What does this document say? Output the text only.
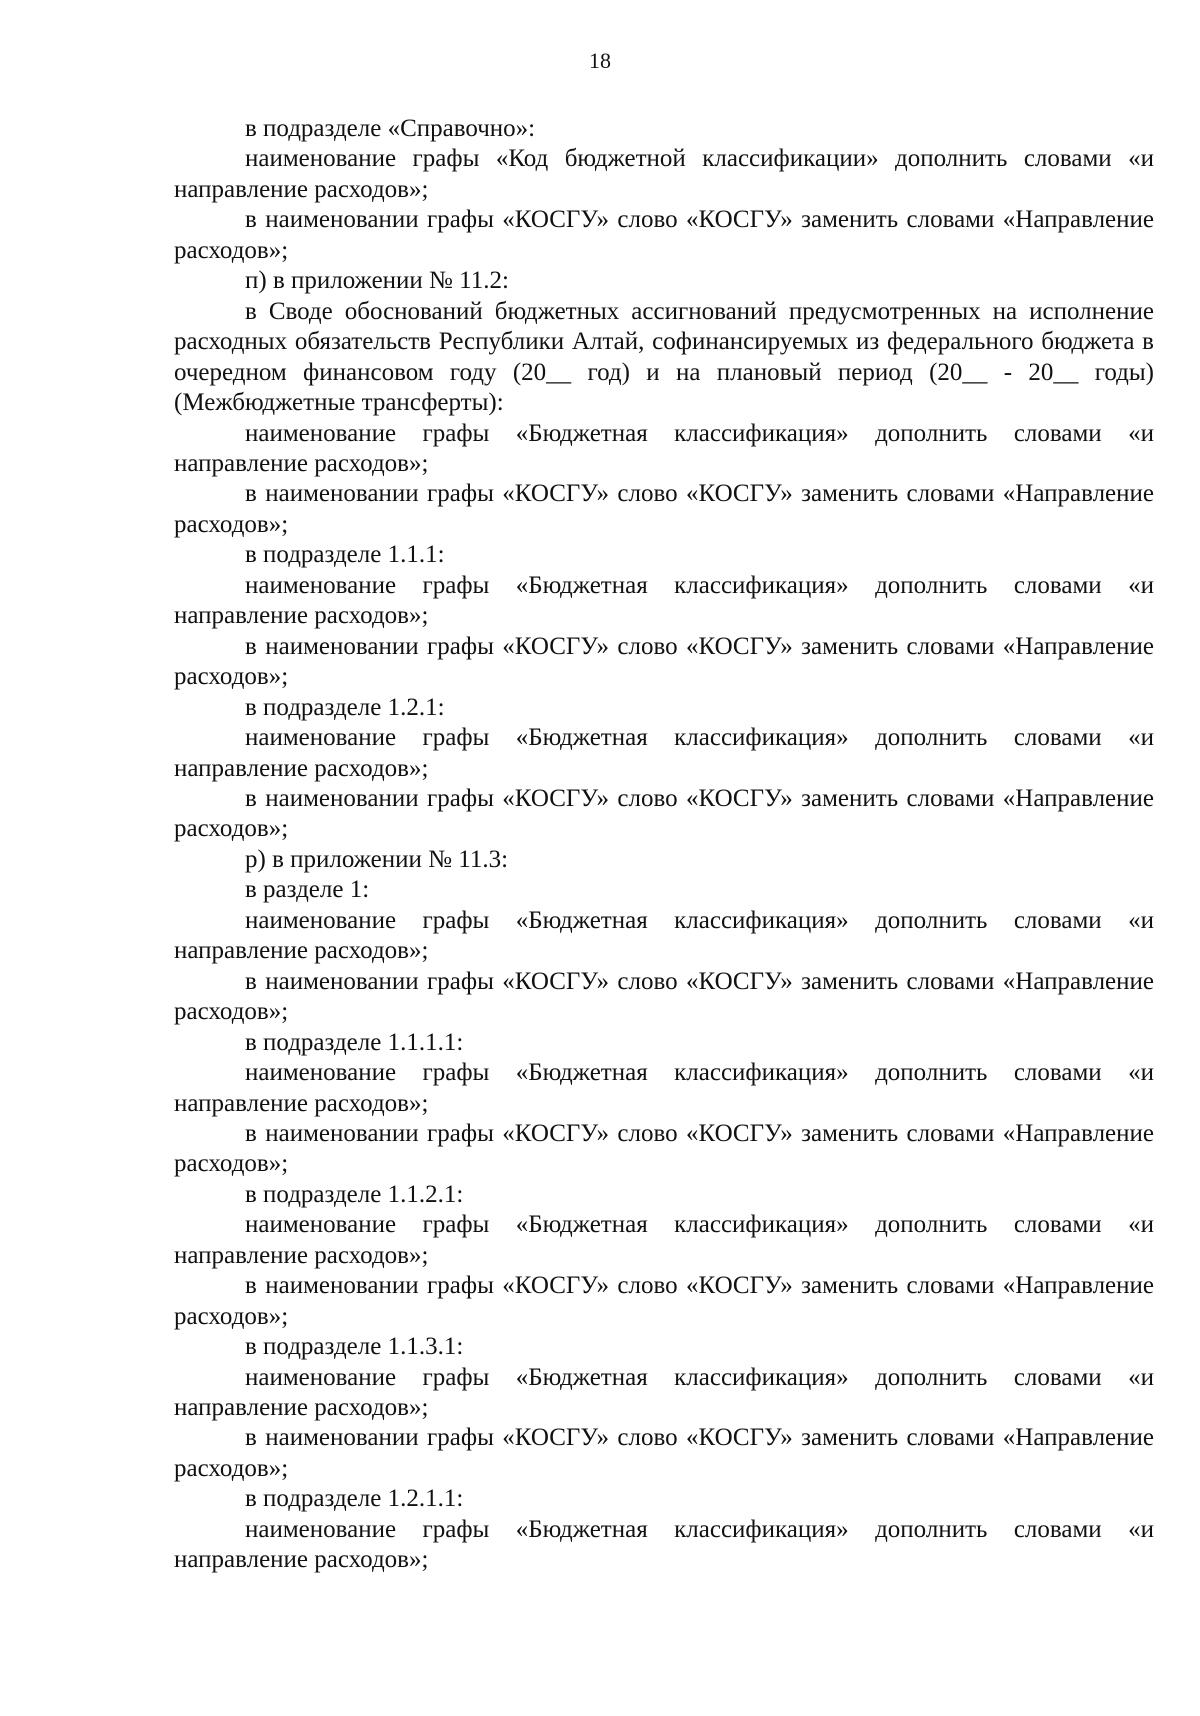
18

в подразделе «Справочно»:

наименование графы «Код бюджетной классификации» дополнить словами «и направление расходов»;

в наименовании графы «КОСГУ» слово «КОСГУ» заменить словами «Направление расходов»;

п) в приложении № 11.2:

в Своде обоснований бюджетных ассигнований предусмотренных на исполнение расходных обязательств Республики Алтай, софинансируемых из федерального бюджета в очередном финансовом году (20__ год) и на плановый период (20__ - 20__ годы) (Межбюджетные трансферты):

наименование графы «Бюджетная классификация» дополнить словами «и направление расходов»;

в наименовании графы «КОСГУ» слово «КОСГУ» заменить словами «Направление расходов»;

в подразделе 1.1.1:

наименование графы «Бюджетная классификация» дополнить словами «и направление расходов»;

в наименовании графы «КОСГУ» слово «КОСГУ» заменить словами «Направление расходов»;

в подразделе 1.2.1:

наименование графы «Бюджетная классификация» дополнить словами «и направление расходов»;

в наименовании графы «КОСГУ» слово «КОСГУ» заменить словами «Направление расходов»;

р) в приложении № 11.3:

в разделе 1:

наименование графы «Бюджетная классификация» дополнить словами «и направление расходов»;

в наименовании графы «КОСГУ» слово «КОСГУ» заменить словами «Направление расходов»;

в подразделе 1.1.1.1:

наименование графы «Бюджетная классификация» дополнить словами «и направление расходов»;

в наименовании графы «КОСГУ» слово «КОСГУ» заменить словами «Направление расходов»;

в подразделе 1.1.2.1:

наименование графы «Бюджетная классификация» дополнить словами «и направление расходов»;

в наименовании графы «КОСГУ» слово «КОСГУ» заменить словами «Направление расходов»;

в подразделе 1.1.3.1:

наименование графы «Бюджетная классификация» дополнить словами «и направление расходов»;

в наименовании графы «КОСГУ» слово «КОСГУ» заменить словами «Направление расходов»;

в подразделе 1.2.1.1:

наименование графы «Бюджетная классификация» дополнить словами «и направление расходов»;
